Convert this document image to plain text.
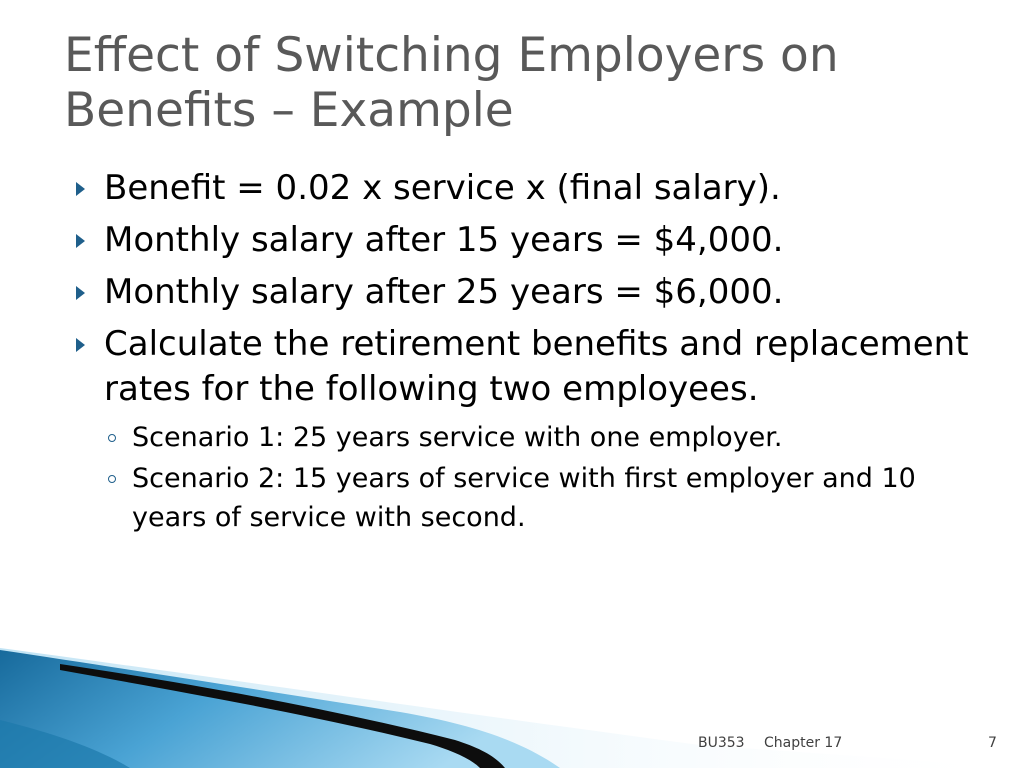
Effect of Switching Employers on Benefits – Example
Benefit = 0.02 x service x (final salary).
Monthly salary after 15 years = $4,000.
Monthly salary after 25 years = $6,000.
Calculate the retirement benefits and replacement rates for the following two employees.
Scenario 1: 25 years service with one employer.
Scenario 2: 15 years of service with first employer and 10 years of service with second.
BU353 Chapter 17	7
